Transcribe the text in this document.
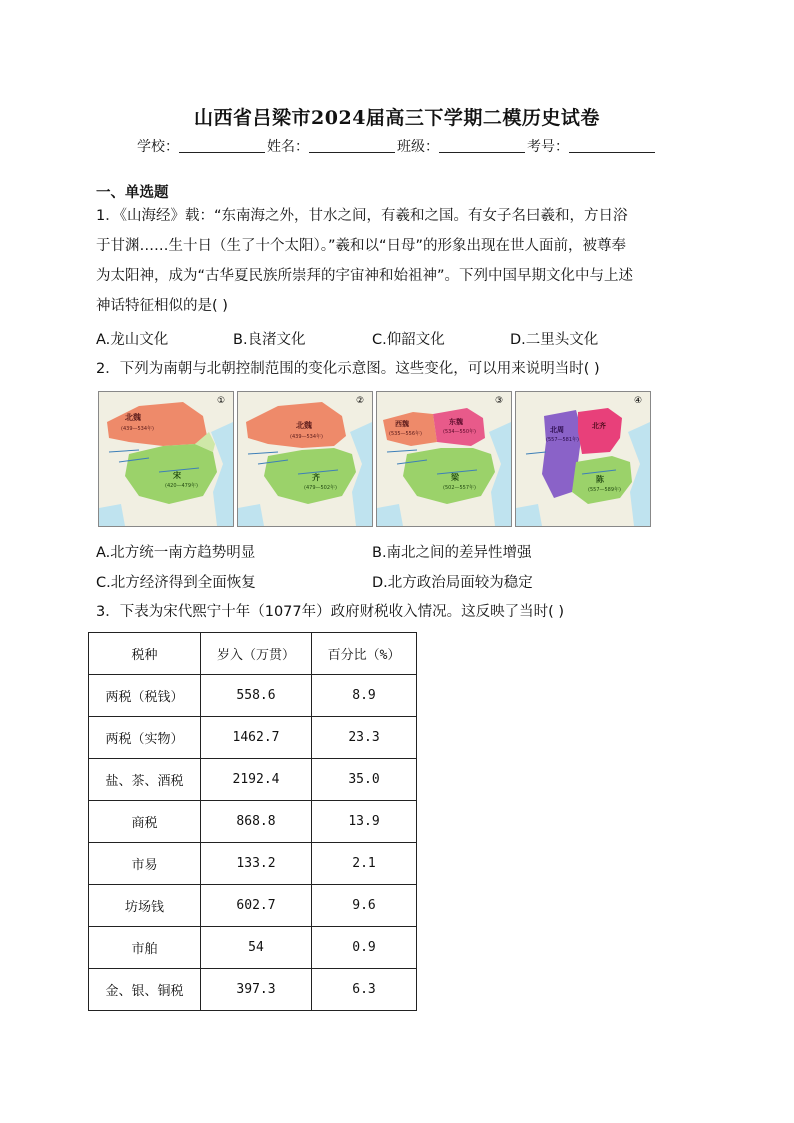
山西省吕梁市2024届高三下学期二模历史试卷
学校：	姓名：	班级：	考号：
一、单选题
1．《山海经》载：“东南海之外，甘水之间，有羲和之国。有女子名曰羲和，方日浴
于甘渊……生十日（生了十个太阳）。”羲和以“日母”的形象出现在世人面前，被尊奉
为太阳神，成为“古华夏民族所崇拜的宇宙神和始祖神”。下列中国早期文化中与上述
神话特征相似的是( )
A.龙山文化	B.良渚文化	C.仰韶文化	D.二里头文化
2．下列为南朝与北朝控制范围的变化示意图。这些变化，可以用来说明当时( )
①
北魏
(439—534年)
宋
(420—479年)
②
北魏
(439—534年)
齐
(479—502年)
③
西魏
(535—556年)
东魏
(534—550年)
梁
(502—557年)
④
北周
(557—581年)
北齐
陈
(557—589年)
A.北方统一南方趋势明显	B.南北之间的差异性增强
C.北方经济得到全面恢复	D.北方政治局面较为稳定
3．下表为宋代熙宁十年（1077年）政府财税收入情况。这反映了当时( )
税种	岁入（万贯）	百分比（%）
两税（税钱）	558.6	8.9
两税（实物）	1462.7	23.3
盐、茶、酒税	2192.4	35.0
商税	868.8	13.9
市易	133.2	2.1
坊场钱	602.7	9.6
市舶	54	0.9
金、银、铜税	397.3	6.3
